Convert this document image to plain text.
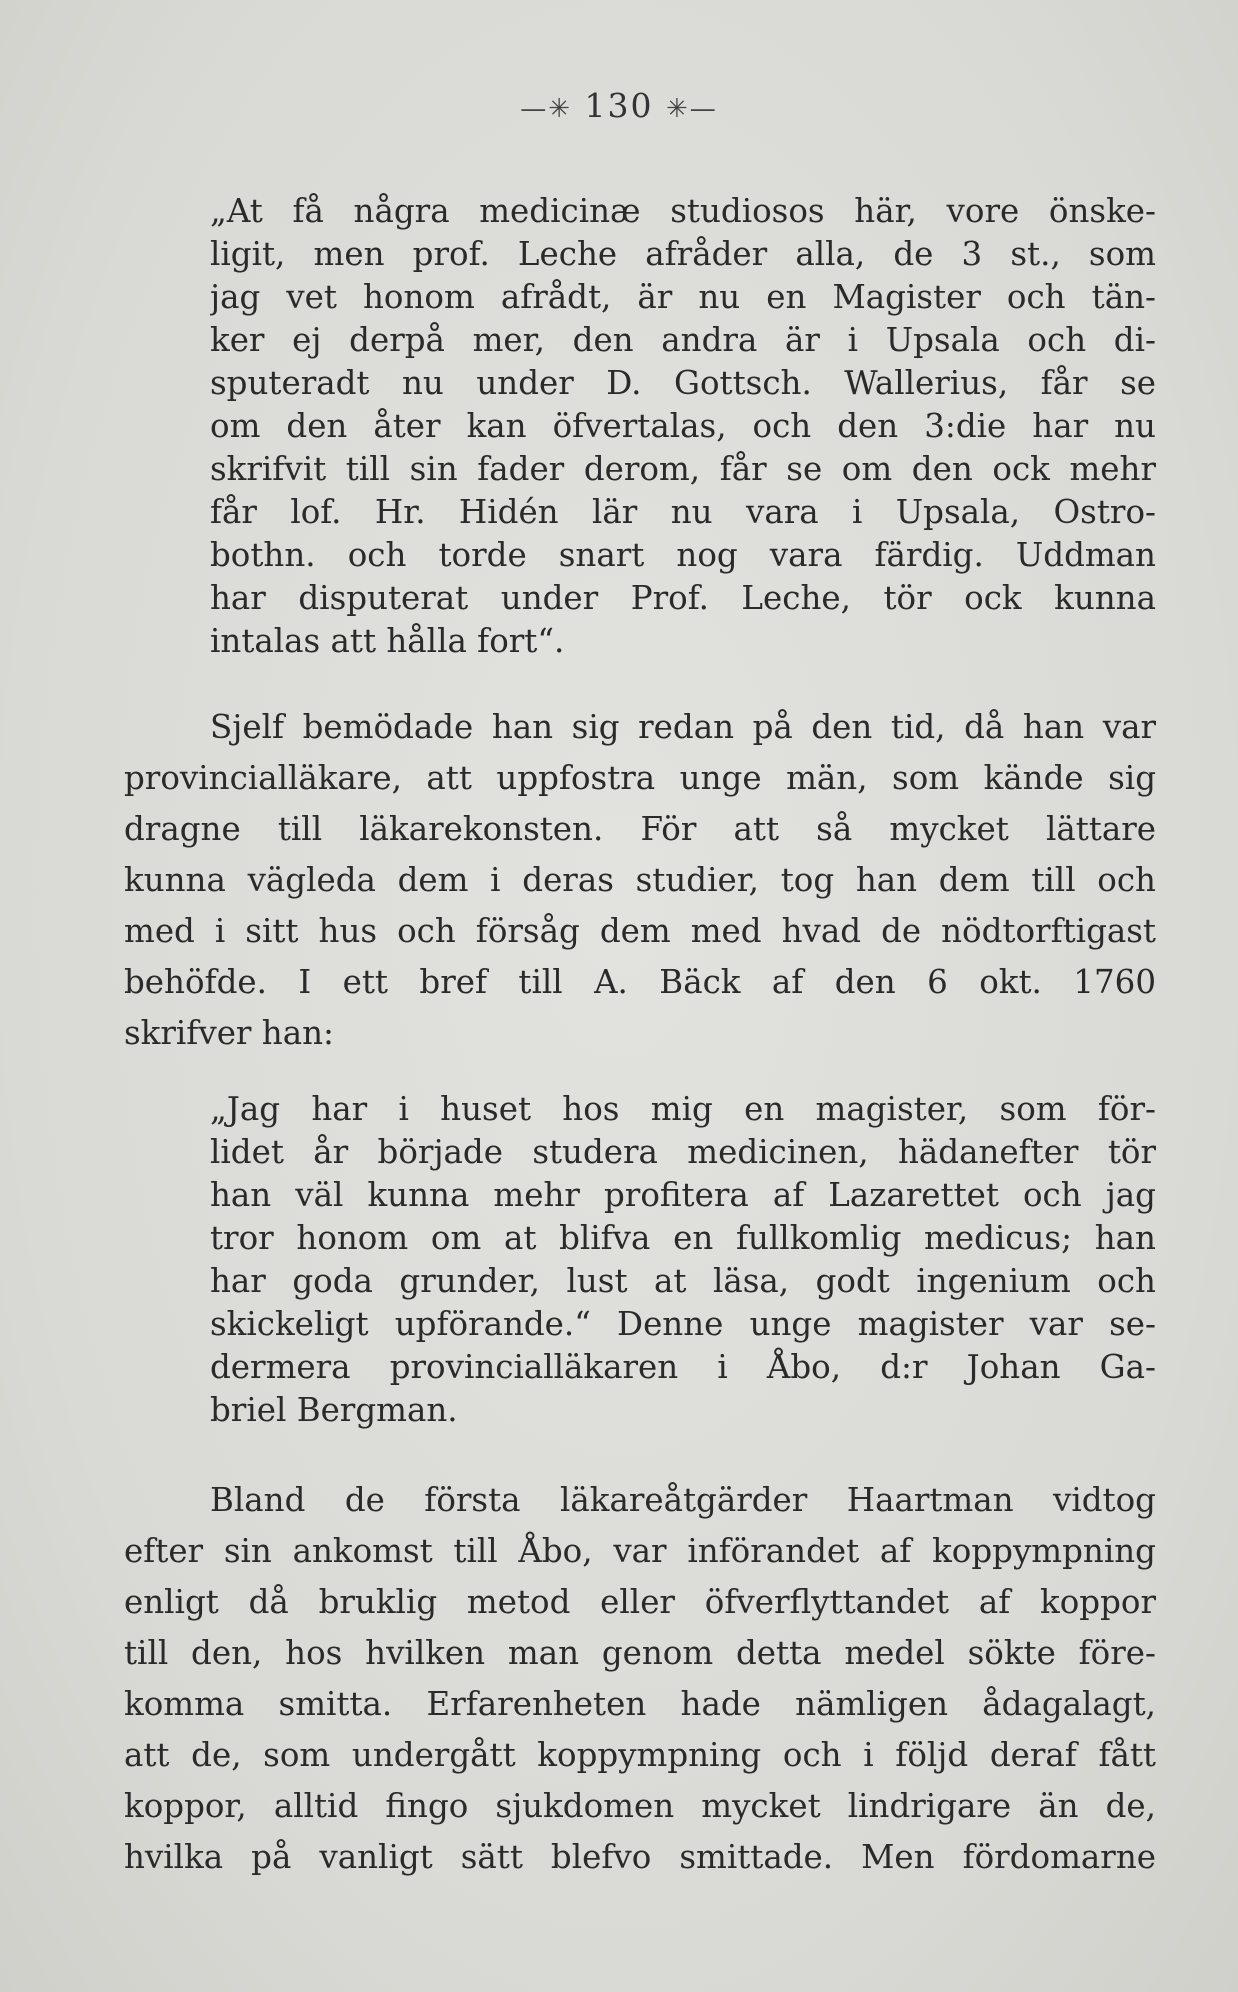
—✳ 130 ✳—
„At få några medicinæ studiosos här, vore önske-
ligit, men prof. Leche afråder alla, de 3 st., som
jag vet honom afrådt, är nu en Magister och tän-
ker ej derpå mer, den andra är i Upsala och di-
sputeradt nu under D. Gottsch. Wallerius, får se
om den åter kan öfvertalas, och den 3:die har nu
skrifvit till sin fader derom, får se om den ock mehr
får lof. Hr. Hidén lär nu vara i Upsala, Ostro-
bothn. och torde snart nog vara färdig. Uddman
har disputerat under Prof. Leche, tör ock kunna
intalas att hålla fort“.
Sjelf bemödade han sig redan på den tid, då han var
provincialläkare, att uppfostra unge män, som kände sig
dragne till läkarekonsten. För att så mycket lättare
kunna vägleda dem i deras studier, tog han dem till och
med i sitt hus och försåg dem med hvad de nödtorftigast
behöfde. I ett bref till A. Bäck af den 6 okt. 1760
skrifver han:
„Jag har i huset hos mig en magister, som för-
lidet år började studera medicinen, hädanefter tör
han väl kunna mehr profitera af Lazarettet och jag
tror honom om at blifva en fullkomlig medicus; han
har goda grunder, lust at läsa, godt ingenium och
skickeligt upförande.“ Denne unge magister var se-
dermera provincialläkaren i Åbo, d:r Johan Ga-
briel Bergman.
Bland de första läkareåtgärder Haartman vidtog
efter sin ankomst till Åbo, var införandet af koppympning
enligt då bruklig metod eller öfverflyttandet af koppor
till den, hos hvilken man genom detta medel sökte före-
komma smitta. Erfarenheten hade nämligen ådagalagt,
att de, som undergått koppympning och i följd deraf fått
koppor, alltid fingo sjukdomen mycket lindrigare än de,
hvilka på vanligt sätt blefvo smittade. Men fördomarne
